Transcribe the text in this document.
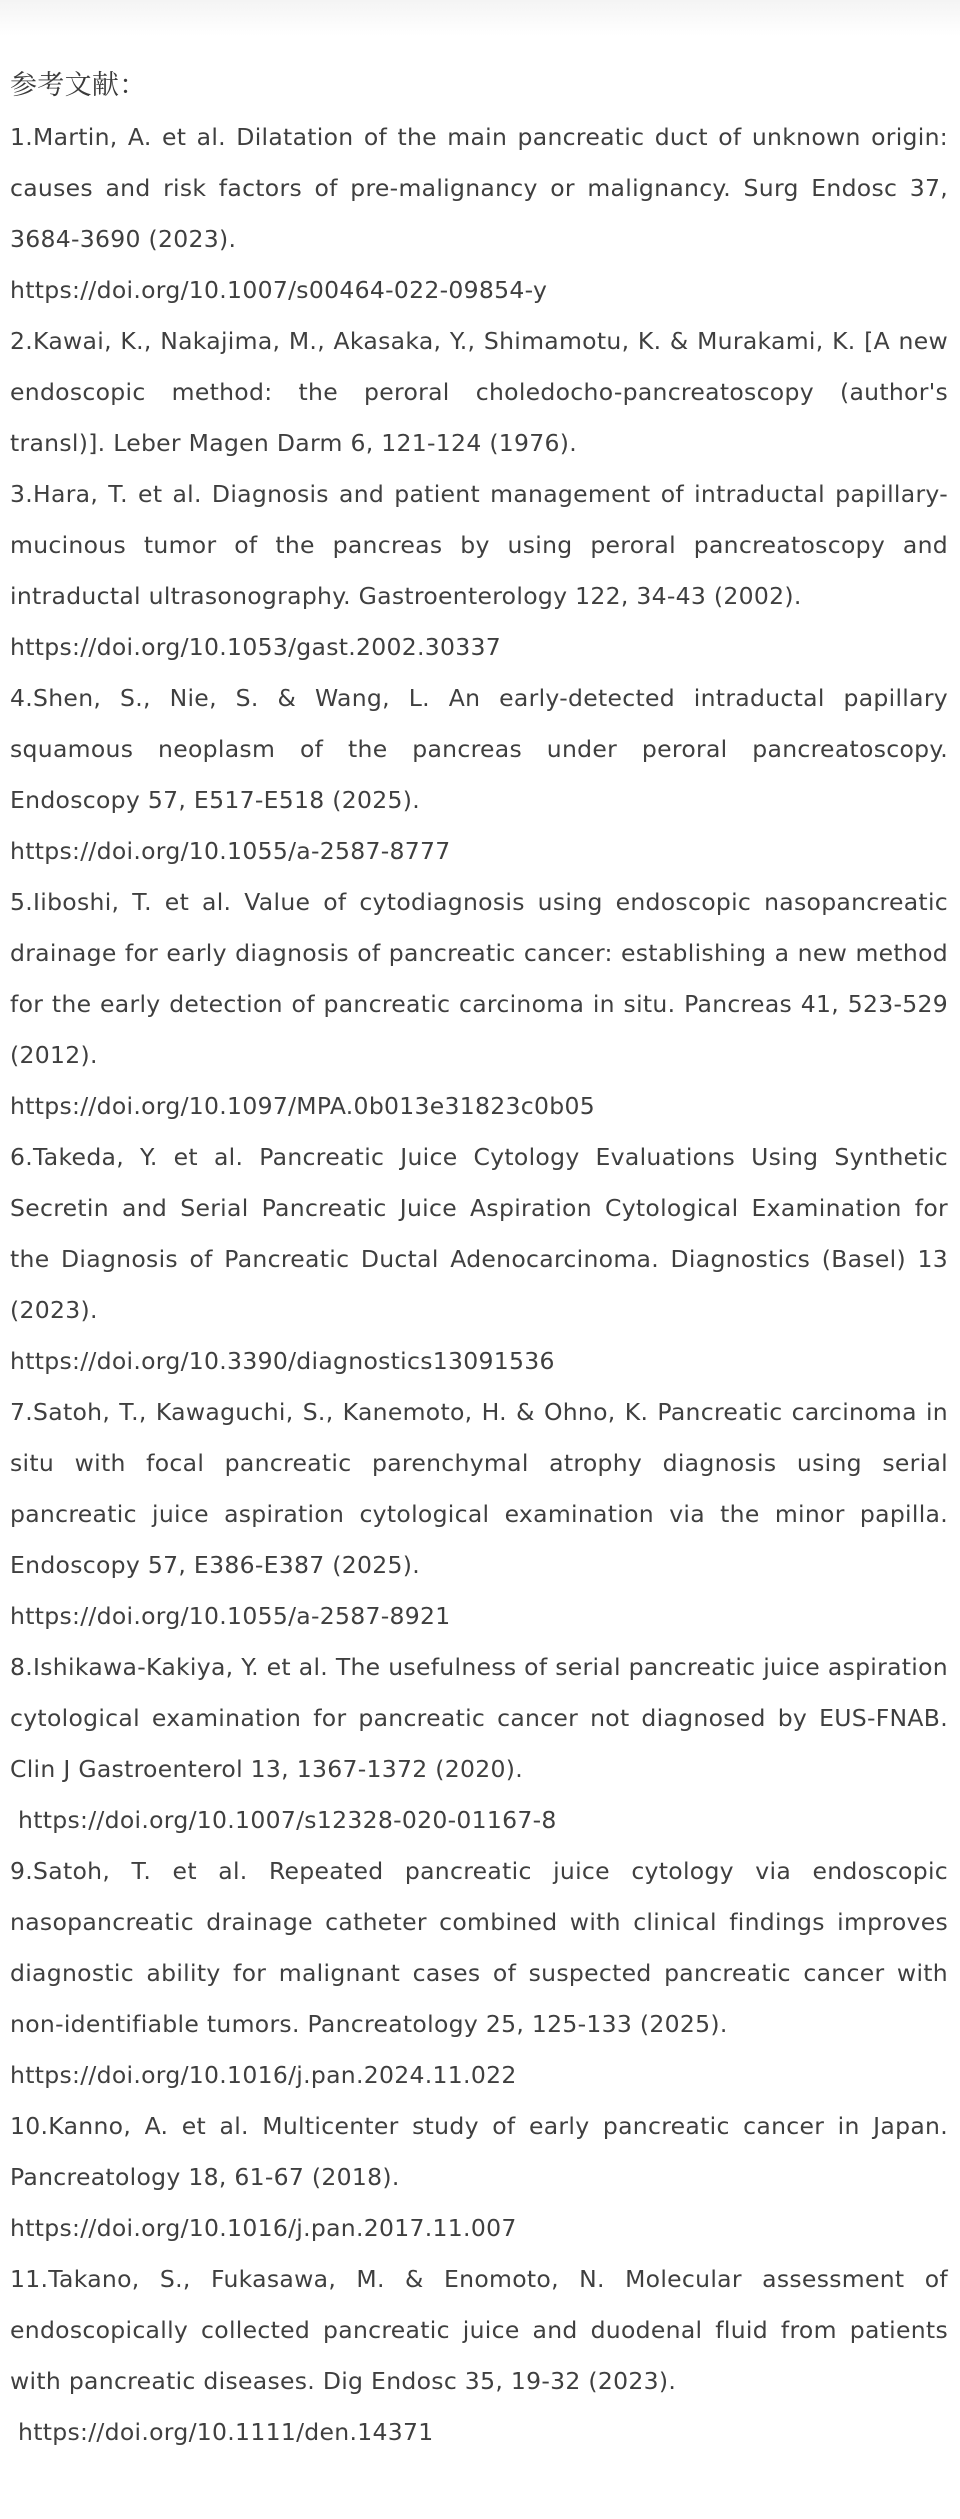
参考文献：

1.Martin, A. et al. Dilatation of the main pancreatic duct of unknown origin: causes and risk factors of pre-malignancy or malignancy. Surg Endosc 37, 3684-3690 (2023).

https://doi.org/10.1007/s00464-022-09854-y

2.Kawai, K., Nakajima, M., Akasaka, Y., Shimamotu, K. & Murakami, K. [A new endoscopic method: the peroral choledocho-pancreatoscopy (author's transl)]. Leber Magen Darm 6, 121-124 (1976).

3.Hara, T. et al. Diagnosis and patient management of intraductal papillary-mucinous tumor of the pancreas by using peroral pancreatoscopy and intraductal ultrasonography. Gastroenterology 122, 34-43 (2002).

https://doi.org/10.1053/gast.2002.30337

4.Shen, S., Nie, S. & Wang, L. An early-detected intraductal papillary squamous neoplasm of the pancreas under peroral pancreatoscopy. Endoscopy 57, E517-E518 (2025).

https://doi.org/10.1055/a-2587-8777

5.Iiboshi, T. et al. Value of cytodiagnosis using endoscopic nasopancreatic drainage for early diagnosis of pancreatic cancer: establishing a new method for the early detection of pancreatic carcinoma in situ. Pancreas 41, 523-529 (2012).

https://doi.org/10.1097/MPA.0b013e31823c0b05

6.Takeda, Y. et al. Pancreatic Juice Cytology Evaluations Using Synthetic Secretin and Serial Pancreatic Juice Aspiration Cytological Examination for the Diagnosis of Pancreatic Ductal Adenocarcinoma. Diagnostics (Basel) 13 (2023).

https://doi.org/10.3390/diagnostics13091536

7.Satoh, T., Kawaguchi, S., Kanemoto, H. & Ohno, K. Pancreatic carcinoma in situ with focal pancreatic parenchymal atrophy diagnosis using serial pancreatic juice aspiration cytological examination via the minor papilla. Endoscopy 57, E386-E387 (2025).

https://doi.org/10.1055/a-2587-8921

8.Ishikawa-Kakiya, Y. et al. The usefulness of serial pancreatic juice aspiration cytological examination for pancreatic cancer not diagnosed by EUS-FNAB. Clin J Gastroenterol 13, 1367-1372 (2020).

https://doi.org/10.1007/s12328-020-01167-8

9.Satoh, T. et al. Repeated pancreatic juice cytology via endoscopic nasopancreatic drainage catheter combined with clinical findings improves diagnostic ability for malignant cases of suspected pancreatic cancer with non-identifiable tumors. Pancreatology 25, 125-133 (2025).

https://doi.org/10.1016/j.pan.2024.11.022

10.Kanno, A. et al. Multicenter study of early pancreatic cancer in Japan. Pancreatology 18, 61-67 (2018).

https://doi.org/10.1016/j.pan.2017.11.007

11.Takano, S., Fukasawa, M. & Enomoto, N. Molecular assessment of endoscopically collected pancreatic juice and duodenal fluid from patients with pancreatic diseases. Dig Endosc 35, 19-32 (2023).

https://doi.org/10.1111/den.14371
